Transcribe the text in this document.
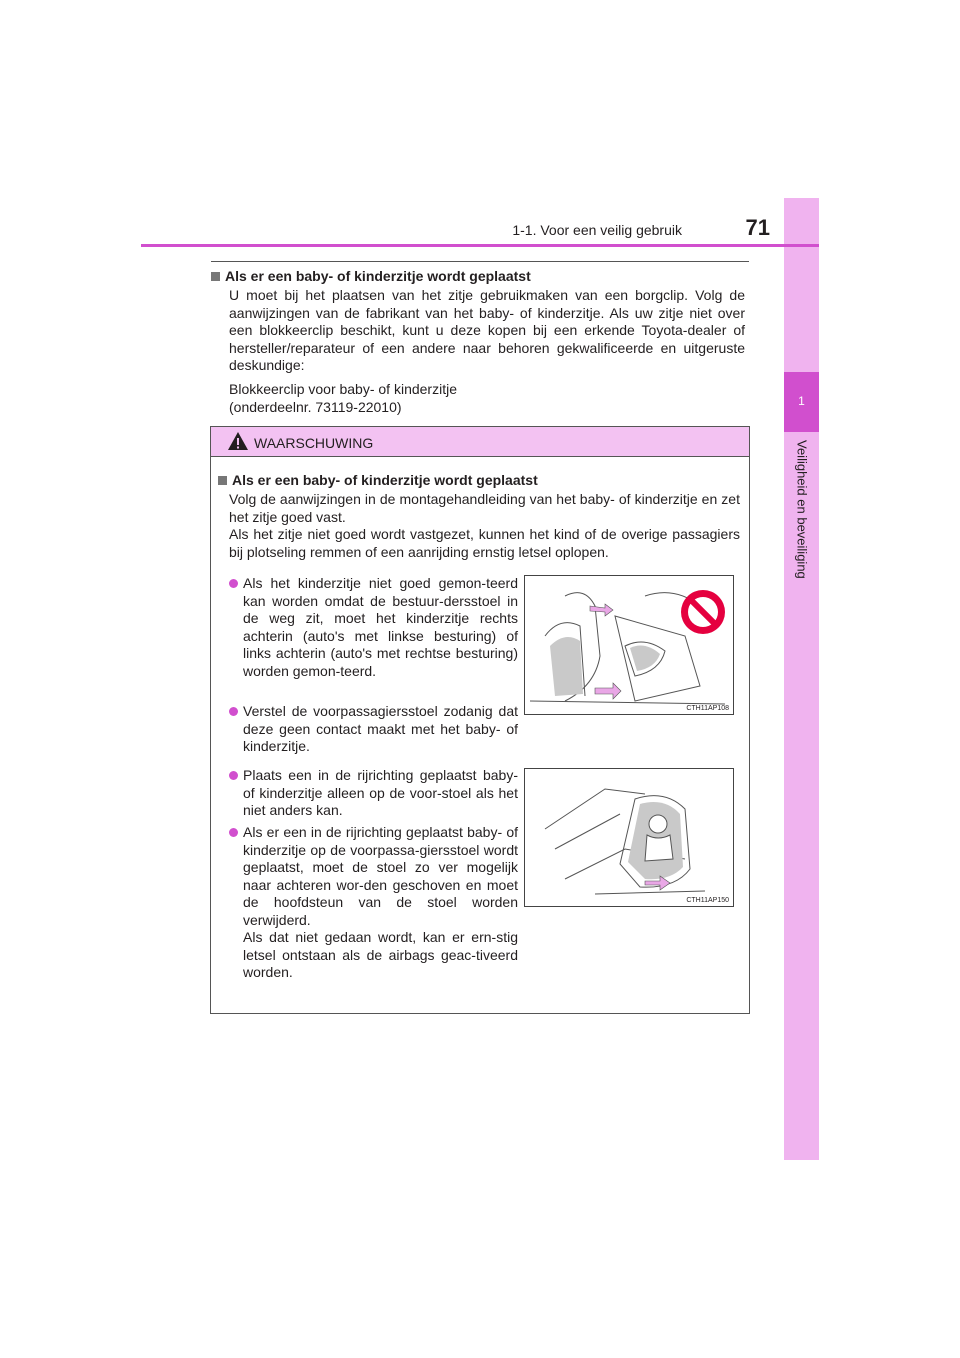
1
Veiligheid en beveiliging
1-1. Voor een veilig gebruik	71
Als er een baby- of kinderzitje wordt geplaatst
U moet bij het plaatsen van het zitje gebruikmaken van een borgclip. Volg de aanwijzingen van de fabrikant van het baby- of kinderzitje. Als uw zitje niet over een blokkeerclip beschikt, kunt u deze kopen bij een erkende Toyota-dealer of hersteller/reparateur of een andere naar behoren gekwalificeerde en uitgeruste deskundige:
Blokkeerclip voor baby- of kinderzitje
(onderdeelnr. 73119-22010)
WAARSCHUWING
Als er een baby- of kinderzitje wordt geplaatst
Volg de aanwijzingen in de montagehandleiding van het baby- of kinderzitje en zet het zitje goed vast.
Als het zitje niet goed wordt vastgezet, kunnen het kind of de overige passagiers bij plotseling remmen of een aanrijding ernstig letsel oplopen.
Als het kinderzitje niet goed gemon-teerd kan worden omdat de bestuur-dersstoel in de weg zit, moet het kinderzitje rechts achterin (auto's met linkse besturing) of links achterin (auto's met rechtse besturing) worden gemon-teerd.
Verstel de voorpassagiersstoel zodanig dat deze geen contact maakt met het baby- of kinderzitje.
Plaats een in de rijrichting geplaatst baby- of kinderzitje alleen op de voor-stoel als het niet anders kan.
Als er een in de rijrichting geplaatst baby- of kinderzitje op de voorpassa-giersstoel wordt geplaatst, moet de stoel zo ver mogelijk naar achteren wor-den geschoven en moet de hoofdsteun van de stoel worden verwijderd.
Als dat niet gedaan wordt, kan er ern-stig letsel ontstaan als de airbags geac-tiveerd worden.
CTH11AP108
CTH11AP150
